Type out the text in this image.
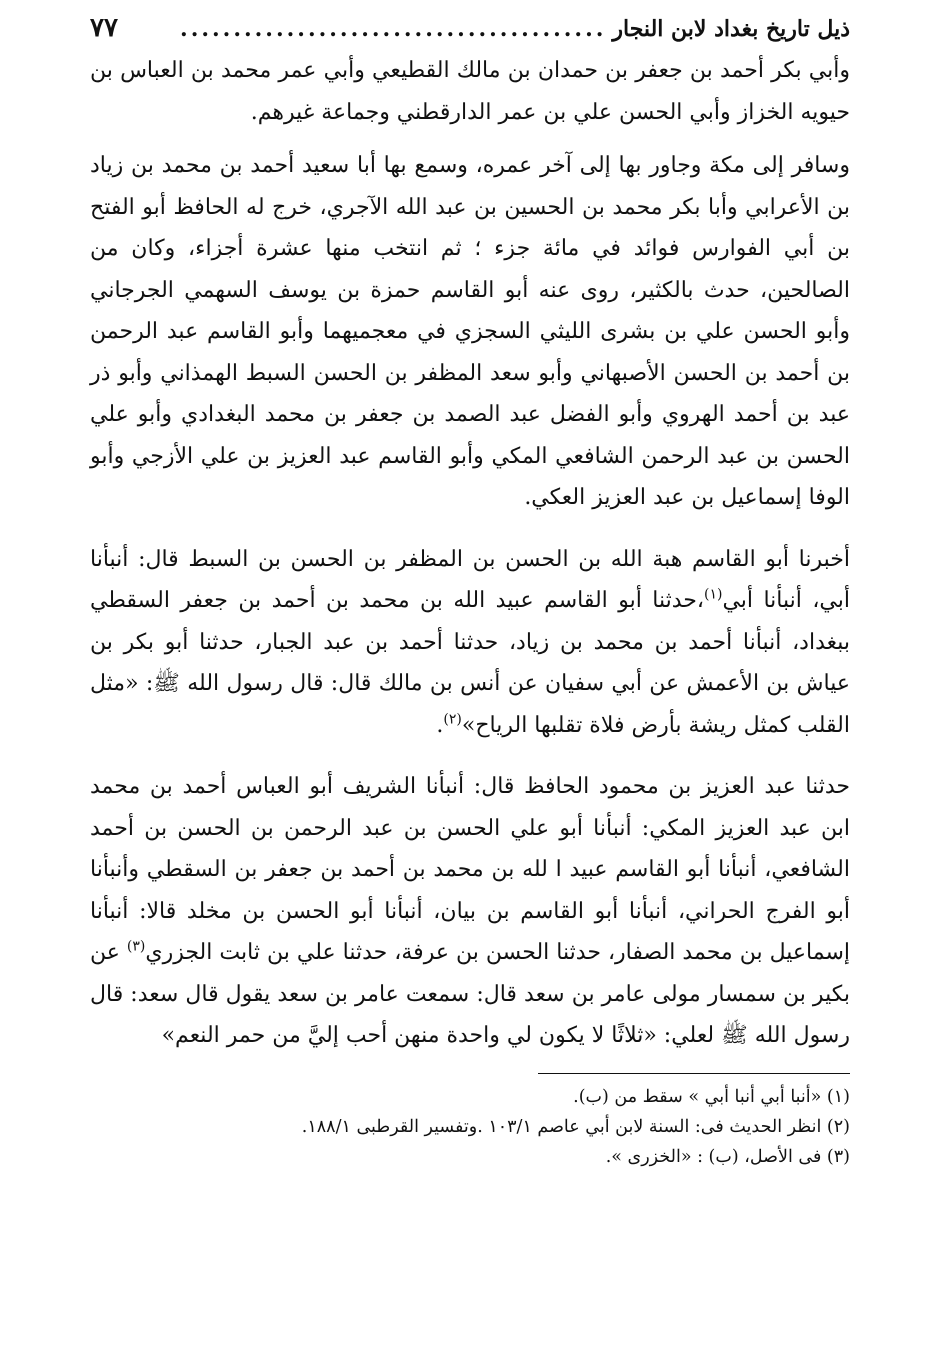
ذيل تاريخ بغداد لابن النجار
........................................
٧٧

وأبي بكر أحمد بن جعفر بن حمدان بن مالك القطيعي وأبي عمر محمد بن العباس بن حيويه الخزاز وأبي الحسن علي بن عمر الدارقطني وجماعة غيرهم.

وسافر إلى مكة وجاور بها إلى آخر عمره، وسمع بها أبا سعيد أحمد بن محمد بن زياد بن الأعرابي وأبا بكر محمد بن الحسين بن عبد الله الآجري، خرج له الحافظ أبو الفتح بن أبي الفوارس فوائد في مائة جزء ؛ ثم انتخب منها عشرة أجزاء، وكان من الصالحين، حدث بالكثير، روى عنه أبو القاسم حمزة بن يوسف السهمي الجرجاني وأبو الحسن علي بن بشرى الليثي السجزي في معجميهما وأبو القاسم عبد الرحمن بن أحمد بن الحسن الأصبهاني وأبو سعد المظفر بن الحسن السبط الهمذاني وأبو ذر عبد بن أحمد الهروي وأبو الفضل عبد الصمد بن جعفر بن محمد البغدادي وأبو علي الحسن بن عبد الرحمن الشافعي المكي وأبو القاسم عبد العزيز بن علي الأزجي وأبو الوفا إسماعيل بن عبد العزيز العكي.

أخبرنا أبو القاسم هبة الله بن الحسن بن المظفر بن الحسن بن السبط قال: أنبأنا أبي، أنبأنا أبي$^{(١)}$،حدثنا أبو القاسم عبيد الله بن محمد بن أحمد بن جعفر السقطي ببغداد، أنبأنا أحمد بن محمد بن زياد، حدثنا أحمد بن عبد الجبار، حدثنا أبو بكر بن عياش بن الأعمش عن أبي سفيان عن أنس بن مالك قال: قال رسول الله ﷺ: «مثل القلب كمثل ريشة بأرض فلاة تقلبها الرياح»$^{(٢)}$.

حدثنا عبد العزيز بن محمود الحافظ قال: أنبأنا الشريف أبو العباس أحمد بن محمد ابن عبد العزيز المكي: أنبأنا أبو علي الحسن بن عبد الرحمن بن الحسن بن أحمد الشافعي، أنبأنا أبو القاسم عبيد ا لله بن محمد بن أحمد بن جعفر بن السقطي وأنبأنا أبو الفرج الحراني، أنبأنا أبو القاسم بن بيان، أنبأنا أبو الحسن بن مخلد قالا: أنبأنا إسماعيل بن محمد الصفار، حدثنا الحسن بن عرفة، حدثنا علي بن ثابت الجزري$^{(٣)}$ عن بكير بن سمسار مولى عامر بن سعد قال: سمعت عامر بن سعد يقول قال سعد: قال رسول الله ﷺ لعلي: «ثلاثًا لا يكون لي واحدة منهن أحب إليَّ من حمر النعم»

(١) «أنبا أبي أنبا أبي » سقط من (ب).

(٢) انظر الحديث فى: السنة لابن أبي عاصم ١٠٣/١ .وتفسير القرطبى ١٨٨/١.

(٣) فى الأصل، (ب) : «الخزرى ».
